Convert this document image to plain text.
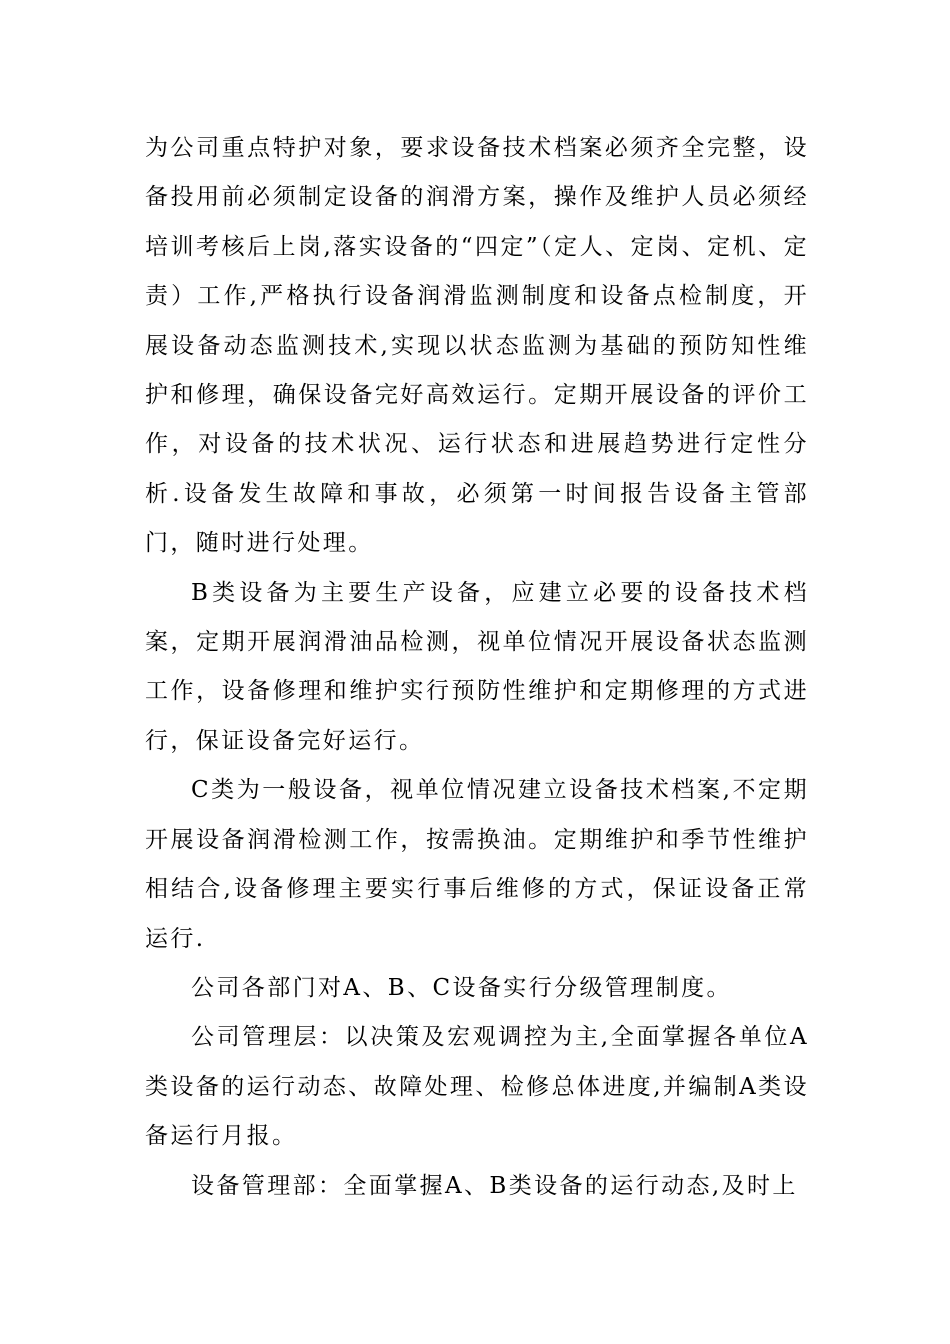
为公司重点特护对象，要求设备技术档案必须齐全完整，设备投用前必须制定设备的润滑方案，操作及维护人员必须经培训考核后上岗,落实设备的“四定”（定人、定岗、定机、定责）工作,严格执行设备润滑监测制度和设备点检制度，开展设备动态监测技术,实现以状态监测为基础的预防知性维护和修理，确保设备完好高效运行。定期开展设备的评价工作，对设备的技术状况、运行状态和进展趋势进行定性分析.设备发生故障和事故，必须第一时间报告设备主管部门，随时进行处理。

B类设备为主要生产设备，应建立必要的设备技术档案，定期开展润滑油品检测，视单位情况开展设备状态监测工作，设备修理和维护实行预防性维护和定期修理的方式进行，保证设备完好运行。

C类为一般设备，视单位情况建立设备技术档案,不定期开展设备润滑检测工作，按需换油。定期维护和季节性维护相结合,设备修理主要实行事后维修的方式，保证设备正常运行.

公司各部门对A、B、C设备实行分级管理制度。

公司管理层：以决策及宏观调控为主,全面掌握各单位A类设备的运行动态、故障处理、检修总体进度,并编制A类设备运行月报。

设备管理部：全面掌握A、B类设备的运行动态,及时上
